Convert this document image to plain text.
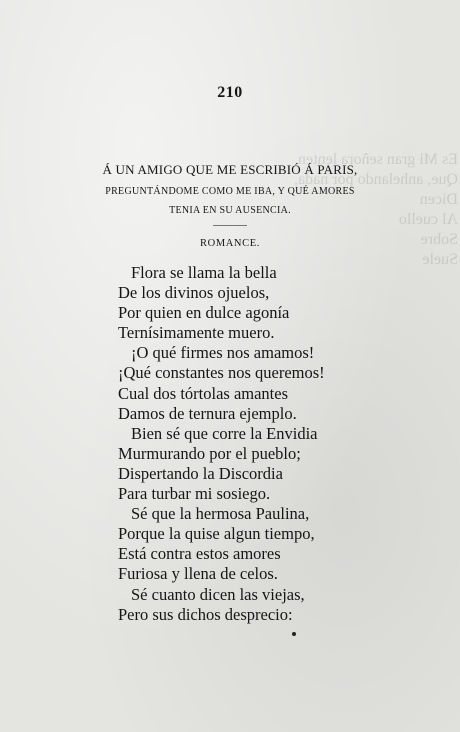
Es Mi gran señora lenten
Que, anhelando por nada,
Dicen
Al cuello
Sobre
Suele
210
Á UN AMIGO QUE ME ESCRIBIÓ Á PARIS,
PREGUNTÁNDOME COMO ME IBA, Y QUÉ AMORES
TENIA EN SU AUSENCIA.
ROMANCE.
Flora se llama la bella
De los divinos ojuelos,
Por quien en dulce agonía
Ternísimamente muero.
¡O qué firmes nos amamos!
¡Qué constantes nos queremos!
Cual dos tórtolas amantes
Damos de ternura ejemplo.
Bien sé que corre la Envidia
Murmurando por el pueblo;
Dispertando la Discordia
Para turbar mi sosiego.
Sé que la hermosa Paulina,
Porque la quise algun tiempo,
Está contra estos amores
Furiosa y llena de celos.
Sé cuanto dicen las viejas,
Pero sus dichos desprecio:
